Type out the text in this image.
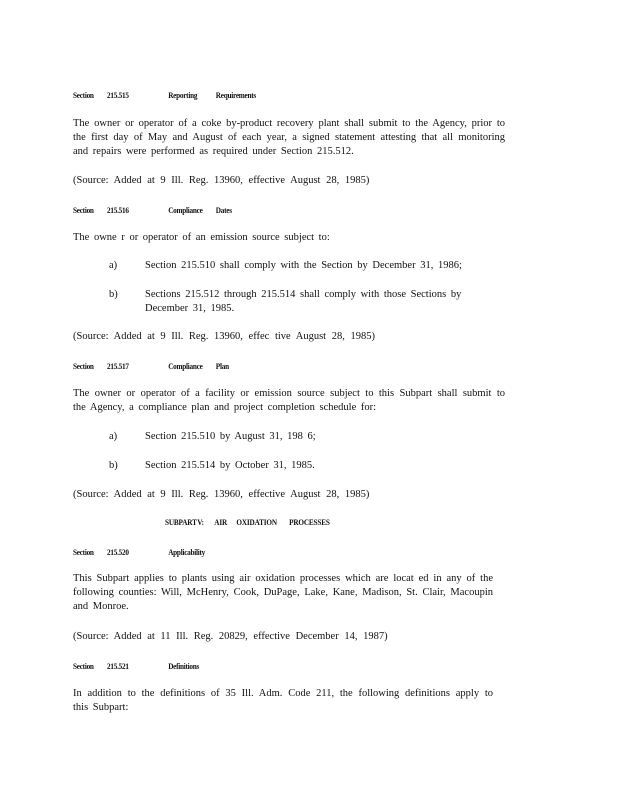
Section 215.515	Reporting Requirements
The owner or operator of a coke by-product recovery plant shall submit to the Agency, prior to the first day of May and August of each year, a signed statement attesting that all monitoring and repairs were performed as required under Section 215.512.
(Source: Added at 9 Ill. Reg. 13960, effective August 28, 1985)
Section 215.516	Compliance Dates
The owne r or operator of an emission source subject to:
a)	Section 215.510 shall comply with the Section by December 31, 1986;
b)	Sections 215.512 through 215.514 shall comply with those Sections by December 31, 1985.
(Source: Added at 9 Ill. Reg. 13960, effec tive August 28, 1985)
Section 215.517	Compliance Plan
The owner or operator of a facility or emission source subject to this Subpart shall submit to the Agency, a compliance plan and project completion schedule for:
a)	Section 215.510 by August 31, 198 6;
b)	Section 215.514 by October 31, 1985.
(Source: Added at 9 Ill. Reg. 13960, effective August 28, 1985)
SUBPARTV: AIR OXIDATION PROCESSES
Section 215.520	Applicability
This Subpart applies to plants using air oxidation processes which are locat ed in any of the following counties: Will, McHenry, Cook, DuPage, Lake, Kane, Madison, St. Clair, Macoupin and Monroe.
(Source: Added at 11 Ill. Reg. 20829, effective December 14, 1987)
Section 215.521	Definitions
In addition to the definitions of 35 Ill. Adm. Code 211, the following definitions apply to this Subpart:
